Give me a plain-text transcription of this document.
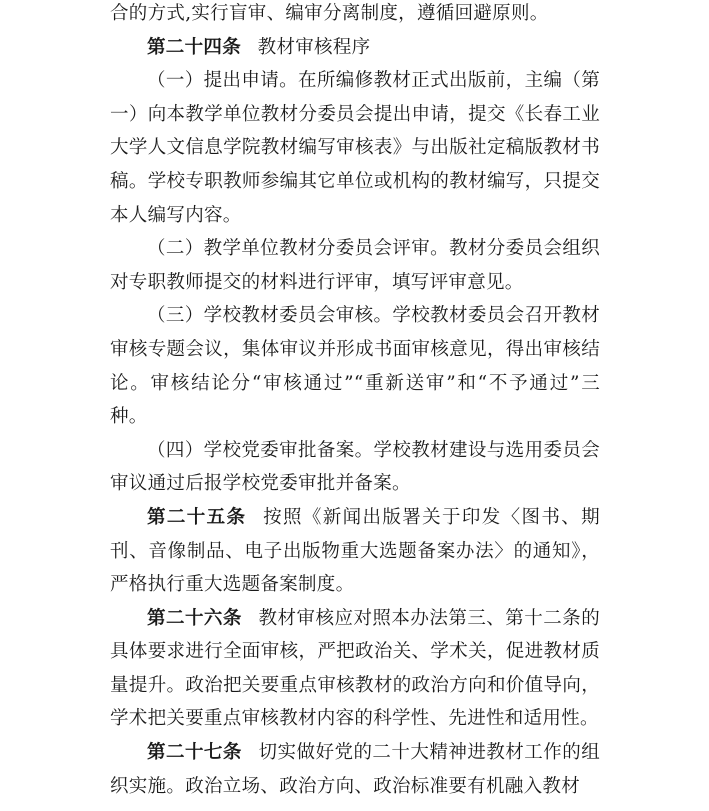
合的方式,实行盲审、编审分离制度，遵循回避原则。

第二十四条 教材审核程序

（一）提出申请。在所编修教材正式出版前，主编（第一）向本教学单位教材分委员会提出申请，提交《长春工业大学人文信息学院教材编写审核表》与出版社定稿版教材书稿。学校专职教师参编其它单位或机构的教材编写，只提交本人编写内容。

（二）教学单位教材分委员会评审。教材分委员会组织对专职教师提交的材料进行评审，填写评审意见。

（三）学校教材委员会审核。学校教材委员会召开教材审核专题会议，集体审议并形成书面审核意见，得出审核结论。审核结论分“审核通过”“重新送审”和“不予通过”三种。

（四）学校党委审批备案。学校教材建设与选用委员会审议通过后报学校党委审批并备案。

第二十五条 按照《新闻出版署关于印发〈图书、期刊、音像制品、电子出版物重大选题备案办法〉的通知》，严格执行重大选题备案制度。

第二十六条 教材审核应对照本办法第三、第十二条的具体要求进行全面审核，严把政治关、学术关，促进教材质量提升。政治把关要重点审核教材的政治方向和价值导向，学术把关要重点审核教材内容的科学性、先进性和适用性。

第二十七条 切实做好党的二十大精神进教材工作的组织实施。政治立场、政治方向、政治标准要有机融入教材
